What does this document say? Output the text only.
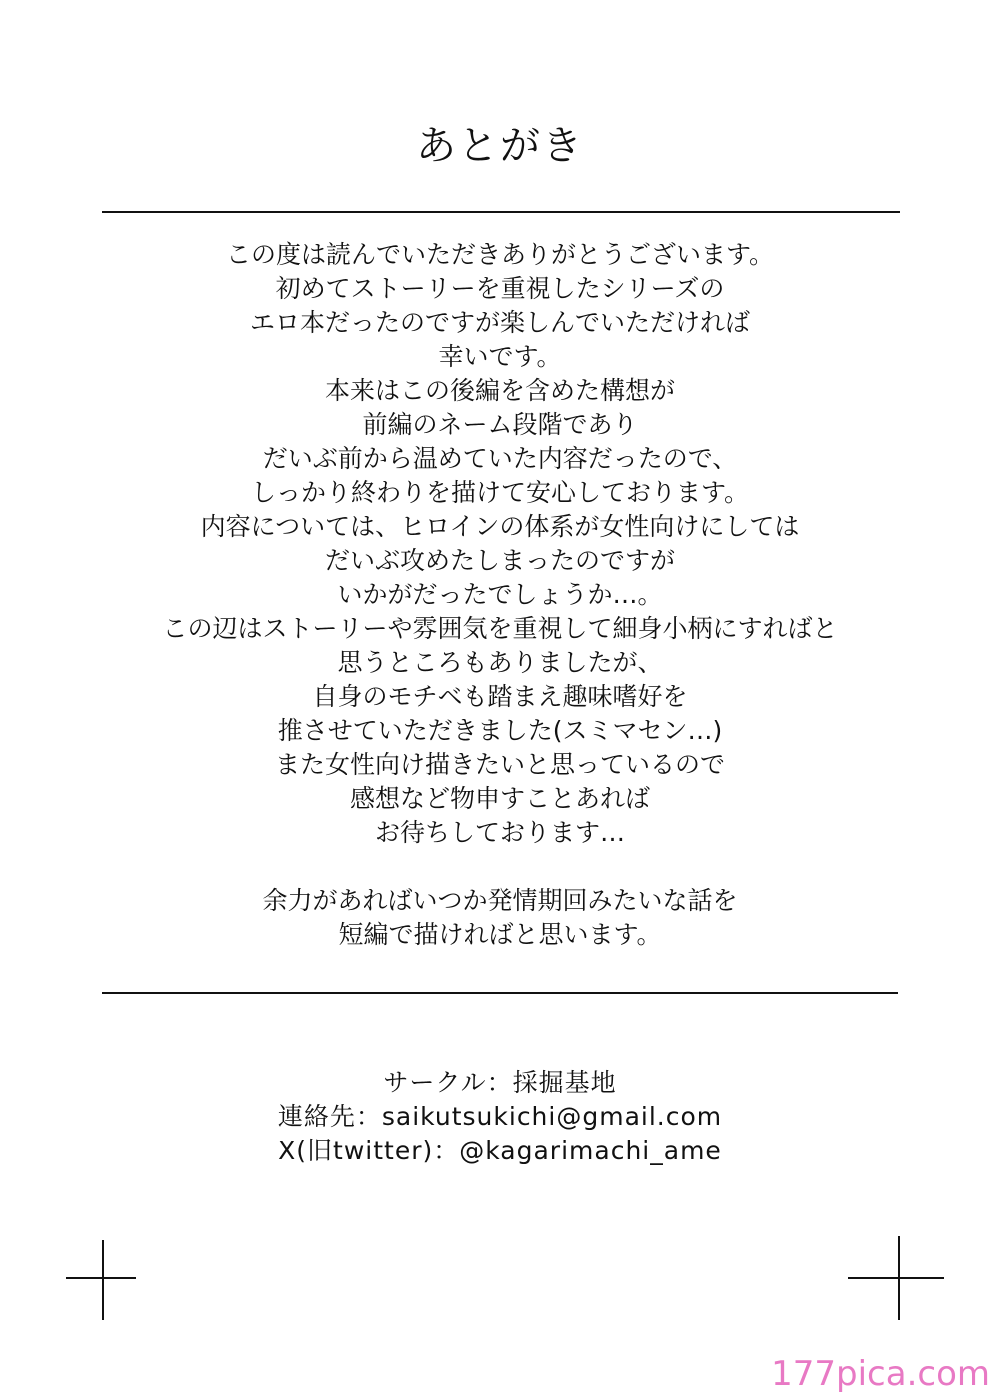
あとがき
この度は読んでいただきありがとうございます。
初めてストーリーを重視したシリーズの
エロ本だったのですが楽しんでいただければ
幸いです。
本来はこの後編を含めた構想が
前編のネーム段階であり
だいぶ前から温めていた内容だったので、
しっかり終わりを描けて安心しております。
内容については、ヒロインの体系が女性向けにしては
だいぶ攻めたしまったのですが
いかがだったでしょうか…。
この辺はストーリーや雰囲気を重視して細身小柄にすればと
思うところもありましたが、
自身のモチベも踏まえ趣味嗜好を
推させていただきました(スミマセン…)
また女性向け描きたいと思っているので
感想など物申すことあれば
お待ちしております…
余力があればいつか発情期回みたいな話を
短編で描ければと思います。
サークル：採掘基地
連絡先：saikutsukichi@gmail.com
X(旧twitter)：@kagarimachi_ame
177pica.com
